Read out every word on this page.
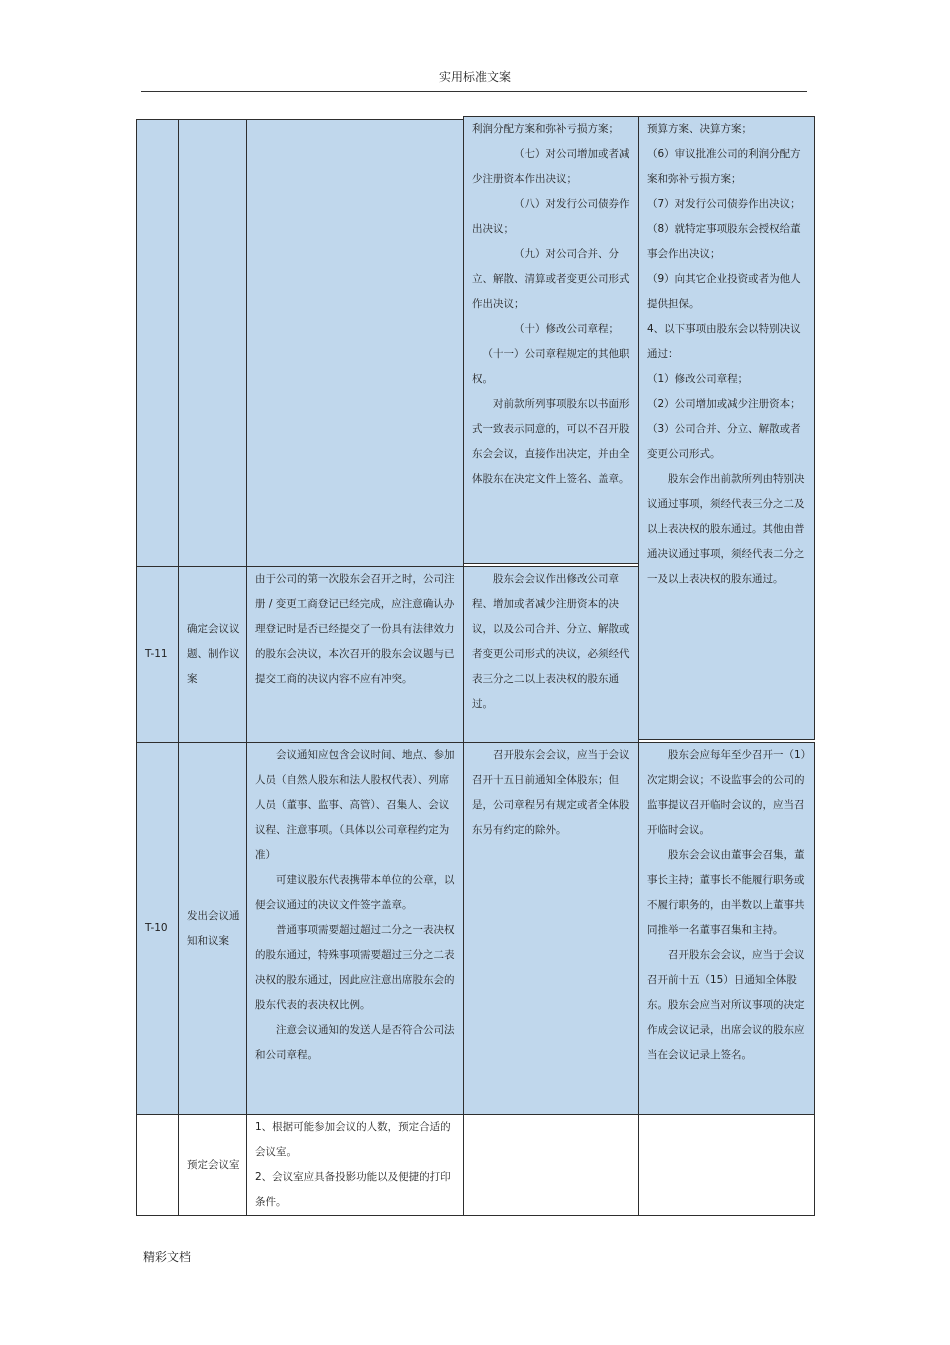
实用标准文案

利润分配方案和弥补亏损方案；

（七）对公司增加或者减少注册资本作出决议；

（八）对发行公司债券作出决议；

（九）对公司合并、分立、解散、清算或者变更公司形式作出决议；

（十）修改公司章程；

（十一）公司章程规定的其他职权。

对前款所列事项股东以书面形式一致表示同意的，可以不召开股东会会议，直接作出决定，并由全体股东在决定文件上签名、盖章。

预算方案、决算方案；

（6）审议批准公司的利润分配方案和弥补亏损方案；

（7）对发行公司债券作出决议；

（8）就特定事项股东会授权给董事会作出决议；

（9）向其它企业投资或者为他人提供担保。

4、以下事项由股东会以特别决议通过：

（1）修改公司章程；

（2）公司增加或减少注册资本；

（3）公司合并、分立、解散或者变更公司形式。

股东会作出前款所列由特别决议通过事项，须经代表三分之二及以上表决权的股东通过。其他由普通决议通过事项，须经代表二分之一及以上表决权的股东通过。

T-11
确定会议议题、制作议案

由于公司的第一次股东会召开之时，公司注册 / 变更工商登记已经完成，应注意确认办理登记时是否已经提交了一份具有法律效力的股东会决议，本次召开的股东会议题与已提交工商的决议内容不应有冲突。

股东会会议作出修改公司章程、增加或者减少注册资本的决议，以及公司合并、分立、解散或者变更公司形式的决议，必须经代表三分之二以上表决权的股东通过。

T-10
发出会议通知和议案

会议通知应包含会议时间、地点、参加人员（自然人股东和法人股权代表）、列席人员（董事、监事、高管）、召集人、会议议程、注意事项。（具体以公司章程约定为准）

可建议股东代表携带本单位的公章，以便会议通过的决议文件签字盖章。

普通事项需要超过超过二分之一表决权的股东通过，特殊事项需要超过三分之二表决权的股东通过，因此应注意出席股东会的股东代表的表决权比例。

注意会议通知的发送人是否符合公司法和公司章程。

召开股东会会议，应当于会议召开十五日前通知全体股东；但是，公司章程另有规定或者全体股东另有约定的除外。

股东会应每年至少召开一（1）次定期会议；不设监事会的公司的监事提议召开临时会议的，应当召开临时会议。

股东会会议由董事会召集，董事长主持；董事长不能履行职务或不履行职务的，由半数以上董事共同推举一名董事召集和主持。

召开股东会会议，应当于会议召开前十五（15）日通知全体股东。股东会应当对所议事项的决定作成会议记录，出席会议的股东应当在会议记录上签名。

预定会议室

1、根据可能参加会议的人数，预定合适的会议室。

2、会议室应具备投影功能以及便捷的打印条件。

精彩文档
